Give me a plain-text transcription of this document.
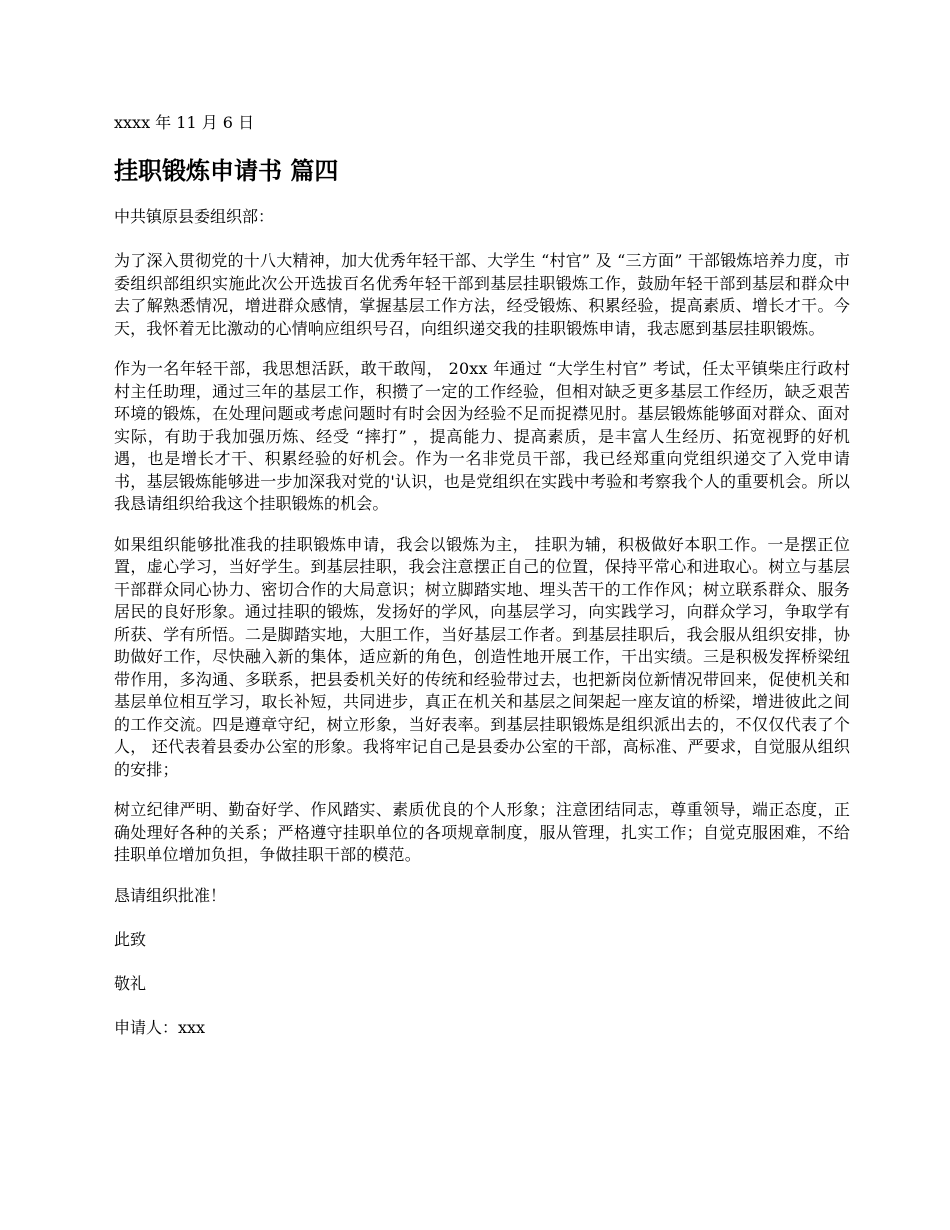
xxxx 年 11 月 6 日

挂职锻炼申请书 篇四

中共镇原县委组织部：

为了深入贯彻党的十八大精神，加大优秀年轻干部、大学生 “村官” 及 “三方面” 干部锻炼培养力度，市委组织部组织实施此次公开选拔百名优秀年轻干部到基层挂职锻炼工作，鼓励年轻干部到基层和群众中去了解熟悉情况，增进群众感情，掌握基层工作方法，经受锻炼、积累经验，提高素质、增长才干。今天，我怀着无比激动的心情响应组织号召，向组织递交我的挂职锻炼申请，我志愿到基层挂职锻炼。

作为一名年轻干部，我思想活跃，敢干敢闯， 20xx 年通过 “大学生村官” 考试，任太平镇柴庄行政村村主任助理，通过三年的基层工作，积攒了一定的工作经验，但相对缺乏更多基层工作经历，缺乏艰苦环境的锻炼，在处理问题或考虑问题时有时会因为经验不足而捉襟见肘。基层锻炼能够面对群众、面对实际，有助于我加强历炼、经受 “摔打” ，提高能力、提高素质，是丰富人生经历、拓宽视野的好机遇，也是增长才干、积累经验的好机会。作为一名非党员干部，我已经郑重向党组织递交了入党申请书，基层锻炼能够进一步加深我对党的'认识，也是党组织在实践中考验和考察我个人的重要机会。所以我恳请组织给我这个挂职锻炼的机会。

如果组织能够批准我的挂职锻炼申请，我会以锻炼为主， 挂职为辅，积极做好本职工作。一是摆正位置，虚心学习，当好学生。到基层挂职，我会注意摆正自己的位置，保持平常心和进取心。树立与基层 干部群众同心协力、密切合作的大局意识；树立脚踏实地、埋头苦干的工作作风；树立联系群众、服务居民的良好形象。通过挂职的锻炼，发扬好的学风，向基层学习，向实践学习，向群众学习，争取学有所获、学有所悟。二是脚踏实地，大胆工作，当好基层工作者。到基层挂职后，我会服从组织安排，协助做好工作，尽快融入新的集体，适应新的角色，创造性地开展工作，干出实绩。三是积极发挥桥梁纽带作用，多沟通、多联系，把县委机关好的传统和经验带过去，也把新岗位新情况带回来，促使机关和基层单位相互学习，取长补短，共同进步，真正在机关和基层之间架起一座友谊的桥梁，增进彼此之间的工作交流。四是遵章守纪，树立形象，当好表率。到基层挂职锻炼是组织派出去的，不仅仅代表了个人， 还代表着县委办公室的形象。我将牢记自己是县委办公室的干部，高标准、严要求，自觉服从组织的安排；

树立纪律严明、勤奋好学、作风踏实、素质优良的个人形象；注意团结同志，尊重领导，端正态度，正确处理好各种的关系；严格遵守挂职单位的各项规章制度，服从管理，扎实工作；自觉克服困难，不给挂职单位增加负担，争做挂职干部的模范。

恳请组织批准！

此致

敬礼

申请人：xxx
